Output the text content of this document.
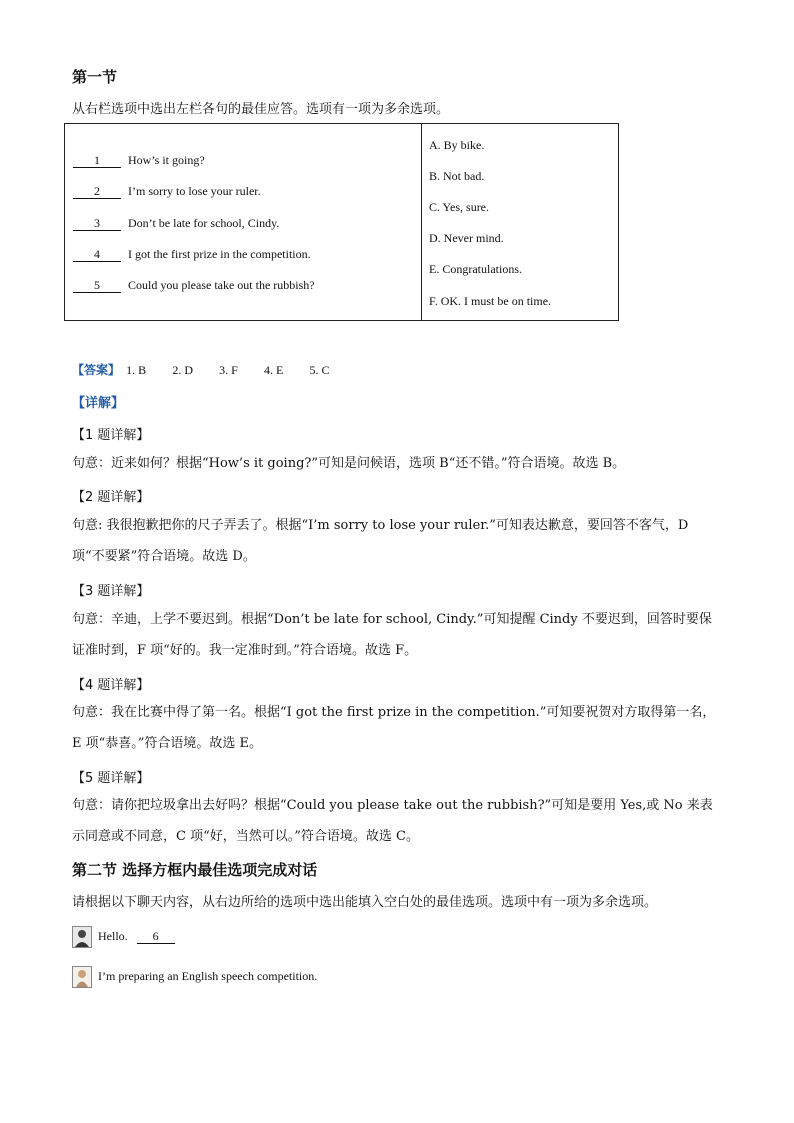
第一节
从右栏选项中选出左栏各句的最佳应答。选项有一项为多余选项。
1 How’s it going?
2 I’m sorry to lose your ruler.
3 Don’t be late for school, Cindy.
4 I got the first prize in the competition.
5 Could you please take out the rubbish?
A. By bike.
B. Not bad.
C. Yes, sure.
D. Never mind.
E. Congratulations.
F. OK. I must be on time.
【答案】 1. B 2. D 3. F 4. E 5. C
【详解】
【1 题详解】
句意：近来如何？根据“How’s it going?”可知是问候语，选项 B“还不错。”符合语境。故选 B。
【2 题详解】
句意: 我很抱歉把你的尺子弄丢了。根据“I’m sorry to lose your ruler.”可知表达歉意，要回答不客气，D 项“不要紧”符合语境。故选 D。
【3 题详解】
句意：辛迪，上学不要迟到。根据“Don’t be late for school, Cindy.”可知提醒 Cindy 不要迟到，回答时要保证准时到，F 项“好的。我一定准时到。”符合语境。故选 F。
【4 题详解】
句意：我在比赛中得了第一名。根据“I got the first prize in the competition.”可知要祝贺对方取得第一名，E 项“恭喜。”符合语境。故选 E。
【5 题详解】
句意：请你把垃圾拿出去好吗？根据“Could you please take out the rubbish?”可知是要用 Yes,或 No 来表示同意或不同意，C 项“好，当然可以。”符合语境。故选 C。
第二节 选择方框内最佳选项完成对话
请根据以下聊天内容，从右边所给的选项中选出能填入空白处的最佳选项。选项中有一项为多余选项。
Hello. 6
I’m preparing an English speech competition.
